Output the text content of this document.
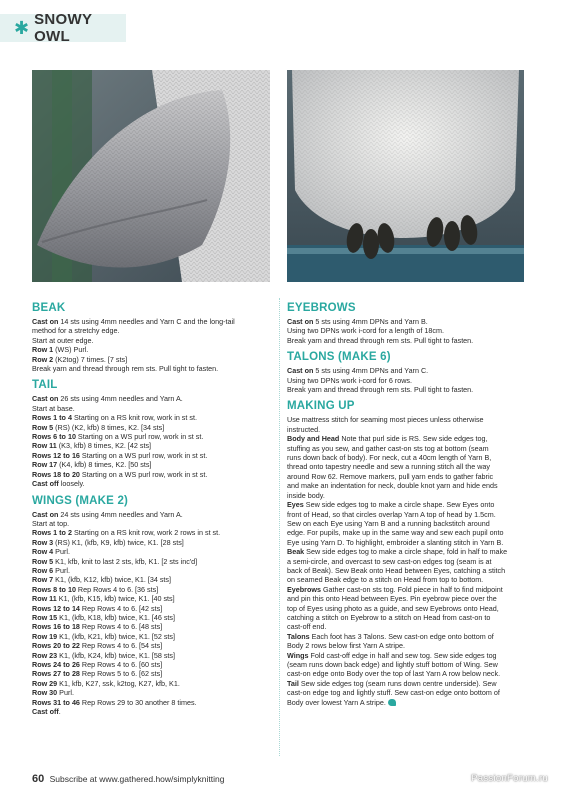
✱ SNOWY OWL
BEAK
Cast on 14 sts using 4mm needles and Yarn C and the long-tail
method for a stretchy edge.
Start at outer edge.
Row 1 (WS) Purl.
Row 2 (K2tog) 7 times. [7 sts]
Break yarn and thread through rem sts. Pull tight to fasten.
TAIL
Cast on 26 sts using 4mm needles and Yarn A.
Start at base.
Rows 1 to 4 Starting on a RS knit row, work in st st.
Row 5 (RS) (K2, kfb) 8 times, K2. [34 sts]
Rows 6 to 10 Starting on a WS purl row, work in st st.
Row 11 (K3, kfb) 8 times, K2. [42 sts]
Rows 12 to 16 Starting on a WS purl row, work in st st.
Row 17 (K4, kfb) 8 times, K2. [50 sts]
Rows 18 to 20 Starting on a WS purl row, work in st st.
Cast off loosely.
WINGS (MAKE 2)
Cast on 24 sts using 4mm needles and Yarn A.
Start at top.
Rows 1 to 2 Starting on a RS knit row, work 2 rows in st st.
Row 3 (RS) K1, (kfb, K9, kfb) twice, K1. [28 sts]
Row 4 Purl.
Row 5 K1, kfb, knit to last 2 sts, kfb, K1. [2 sts inc'd]
Row 6 Purl.
Row 7 K1, (kfb, K12, kfb) twice, K1. [34 sts]
Rows 8 to 10 Rep Rows 4 to 6. [36 sts]
Row 11 K1, (kfb, K15, kfb) twice, K1. [40 sts]
Rows 12 to 14 Rep Rows 4 to 6. [42 sts]
Row 15 K1, (kfb, K18, kfb) twice, K1. [46 sts]
Rows 16 to 18 Rep Rows 4 to 6. [48 sts]
Row 19 K1, (kfb, K21, kfb) twice, K1. [52 sts]
Rows 20 to 22 Rep Rows 4 to 6. [54 sts]
Row 23 K1, (kfb, K24, kfb) twice, K1. [58 sts]
Rows 24 to 26 Rep Rows 4 to 6. [60 sts]
Rows 27 to 28 Rep Rows 5 to 6. [62 sts]
Row 29 K1, kfb, K27, ssk, k2tog, K27, kfb, K1.
Row 30 Purl.
Rows 31 to 46 Rep Rows 29 to 30 another 8 times.
Cast off.
EYEBROWS
Cast on 5 sts using 4mm DPNs and Yarn B.
Using two DPNs work i-cord for a length of 18cm.
Break yarn and thread through rem sts. Pull tight to fasten.
TALONS (MAKE 6)
Cast on 5 sts using 4mm DPNs and Yarn C.
Using two DPNs work i-cord for 6 rows.
Break yarn and thread through rem sts. Pull tight to fasten.
MAKING UP
Use mattress stitch for seaming most pieces unless otherwise
instructed.
Body and Head Note that purl side is RS. Sew side edges tog,
stuffing as you sew, and gather cast-on sts tog at bottom (seam
runs down back of body). For neck, cut a 40cm length of Yarn B,
thread onto tapestry needle and sew a running stitch all the way
around Row 62. Remove markers, pull yarn ends to gather fabric
and make an indentation for neck, double knot yarn and hide ends
inside body.
Eyes Sew side edges tog to make a circle shape. Sew Eyes onto
front of Head, so that circles overlap Yarn A top of head by 1.5cm.
Sew on each Eye using Yarn B and a running backstitch around
edge. For pupils, make up in the same way and sew each pupil onto
Eye using Yarn D. To highlight, embroider a slanting stitch in Yarn B.
Beak Sew side edges tog to make a circle shape, fold in half to make
a semi-circle, and overcast to sew cast-on edges tog (seam is at
back of Beak). Sew Beak onto Head between Eyes, catching a stitch
on seamed Beak edge to a stitch on Head from top to bottom.
Eyebrows Gather cast-on sts tog. Fold piece in half to find midpoint
and pin this onto Head between Eyes. Pin eyebrow piece over the
top of Eyes using photo as a guide, and sew Eyebrows onto Head,
catching a stitch on Eyebrow to a stitch on Head from cast-on to
cast-off end.
Talons Each foot has 3 Talons. Sew cast-on edge onto bottom of
Body 2 rows below first Yarn A stripe.
Wings Fold cast-off edge in half and sew tog. Sew side edges tog
(seam runs down back edge) and lightly stuff bottom of Wing. Sew
cast-on edge onto Body over the top of last Yarn A row below neck.
Tail Sew side edges tog (seam runs down centre underside). Sew
cast-on edge tog and lightly stuff. Sew cast-on edge onto bottom of
Body over lowest Yarn A stripe.
60 Subscribe at www.gathered.how/simplyknitting	PassionForum.ru
